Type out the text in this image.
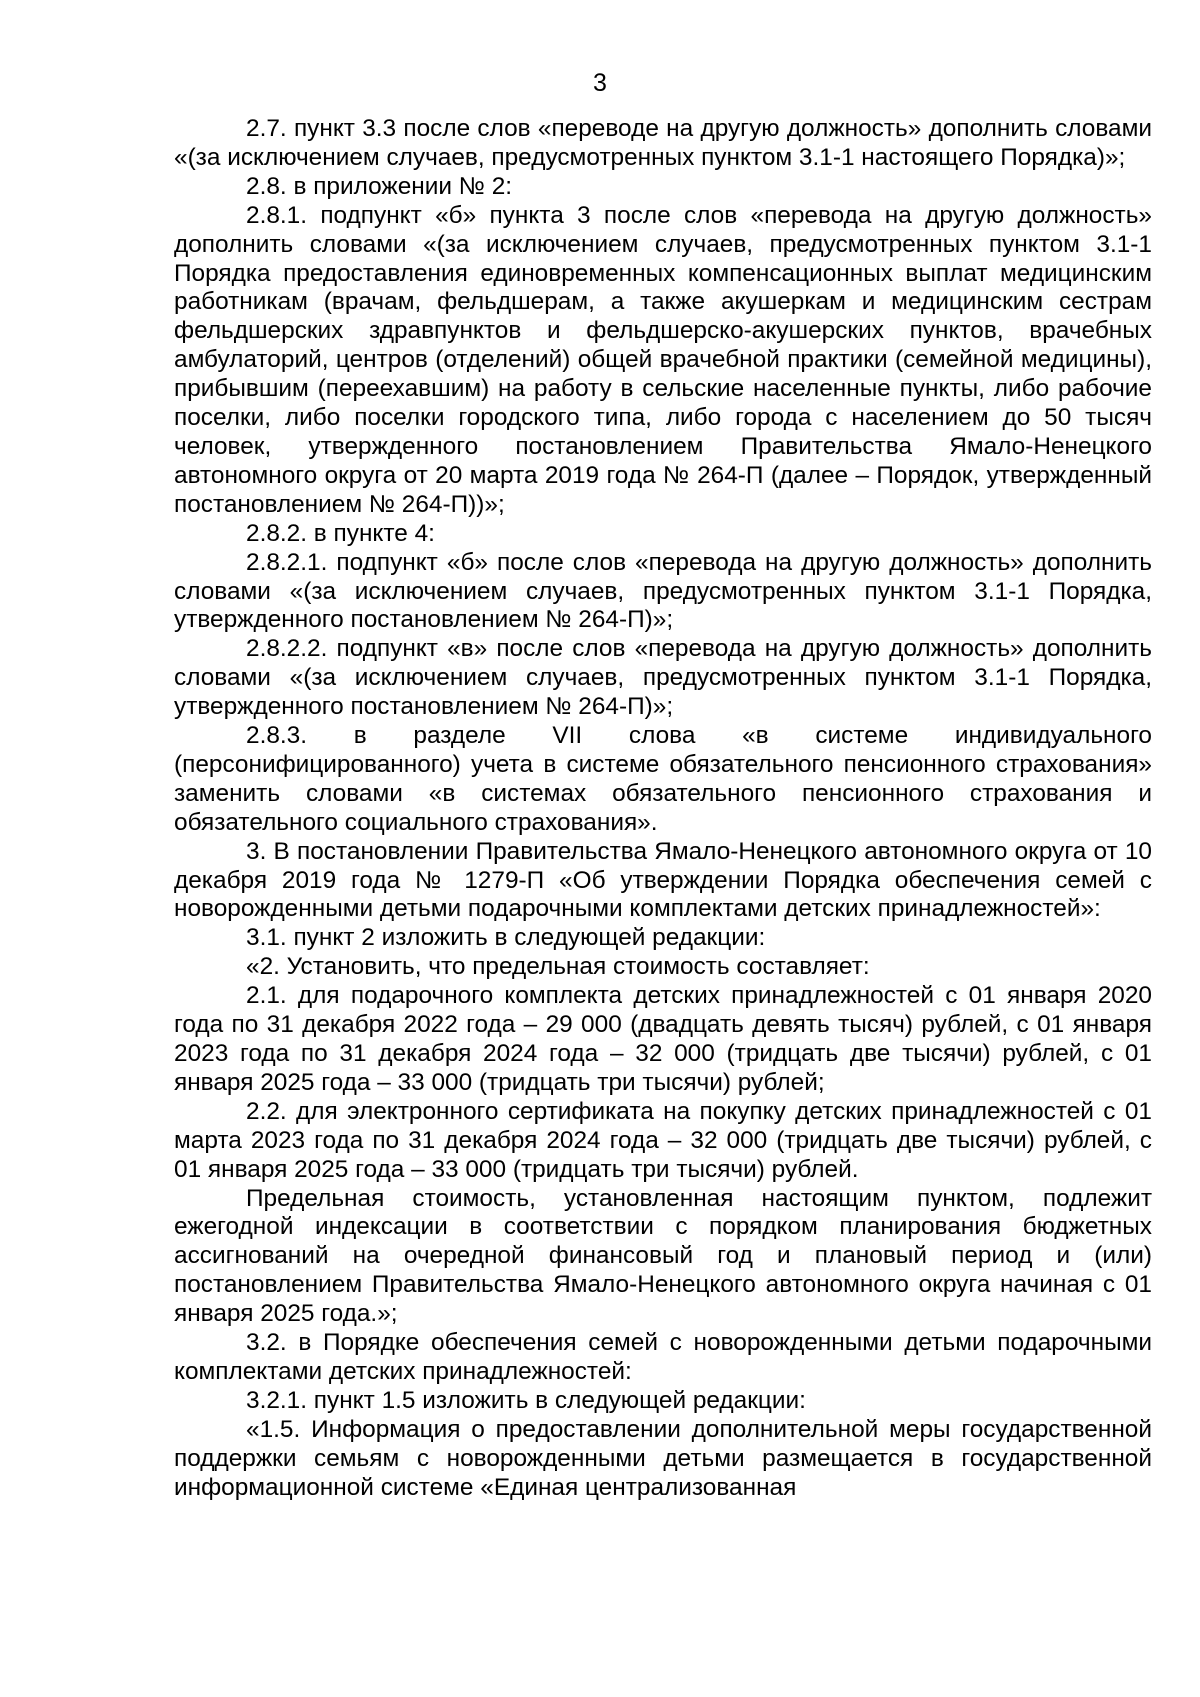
3

2.7. пункт 3.3 после слов «переводе на другую должность» дополнить словами «(за исключением случаев, предусмотренных пунктом 3.1-1 настоящего Порядка)»;

2.8. в приложении № 2:

2.8.1. подпункт «б» пункта 3 после слов «перевода на другую должность» дополнить словами «(за исключением случаев, предусмотренных пунктом 3.1-1 Порядка предоставления единовременных компенсационных выплат медицинским работникам (врачам, фельдшерам, а также акушеркам и медицинским сестрам фельдшерских здравпунктов и фельдшерско-акушерских пунктов, врачебных амбулаторий, центров (отделений) общей врачебной практики (семейной медицины), прибывшим (переехавшим) на работу в сельские населенные пункты, либо рабочие поселки, либо поселки городского типа, либо города с населением до 50 тысяч человек, утвержденного постановлением Правительства Ямало-Ненецкого автономного округа от 20 марта 2019 года № 264-П (далее – Порядок, утвержденный постановлением № 264-П))»;

2.8.2. в пункте 4:

2.8.2.1. подпункт «б» после слов «перевода на другую должность» дополнить словами «(за исключением случаев, предусмотренных пунктом 3.1-1 Порядка, утвержденного постановлением № 264-П)»;

2.8.2.2. подпункт «в» после слов «перевода на другую должность» дополнить словами «(за исключением случаев, предусмотренных пунктом 3.1-1 Порядка, утвержденного постановлением № 264-П)»;

2.8.3. в разделе VII слова «в системе индивидуального (персонифицированного) учета в системе обязательного пенсионного страхования» заменить словами «в системах обязательного пенсионного страхования и обязательного социального страхования».

3. В постановлении Правительства Ямало-Ненецкого автономного округа от 10 декабря 2019 года № 1279-П «Об утверждении Порядка обеспечения семей с новорожденными детьми подарочными комплектами детских принадлежностей»:

3.1. пункт 2 изложить в следующей редакции:

«2. Установить, что предельная стоимость составляет:

2.1. для подарочного комплекта детских принадлежностей с 01 января 2020 года по 31 декабря 2022 года – 29 000 (двадцать девять тысяч) рублей, с 01 января 2023 года по 31 декабря 2024 года – 32 000 (тридцать две тысячи) рублей, с 01 января 2025 года – 33 000 (тридцать три тысячи) рублей;

2.2. для электронного сертификата на покупку детских принадлежностей с 01 марта 2023 года по 31 декабря 2024 года – 32 000 (тридцать две тысячи) рублей, с 01 января 2025 года – 33 000 (тридцать три тысячи) рублей.

Предельная стоимость, установленная настоящим пунктом, подлежит ежегодной индексации в соответствии с порядком планирования бюджетных ассигнований на очередной финансовый год и плановый период и (или) постановлением Правительства Ямало-Ненецкого автономного округа начиная с 01 января 2025 года.»;

3.2. в Порядке обеспечения семей с новорожденными детьми подарочными комплектами детских принадлежностей:

3.2.1. пункт 1.5 изложить в следующей редакции:

«1.5. Информация о предоставлении дополнительной меры государственной поддержки семьям с новорожденными детьми размещается в государственной информационной системе «Единая централизованная
